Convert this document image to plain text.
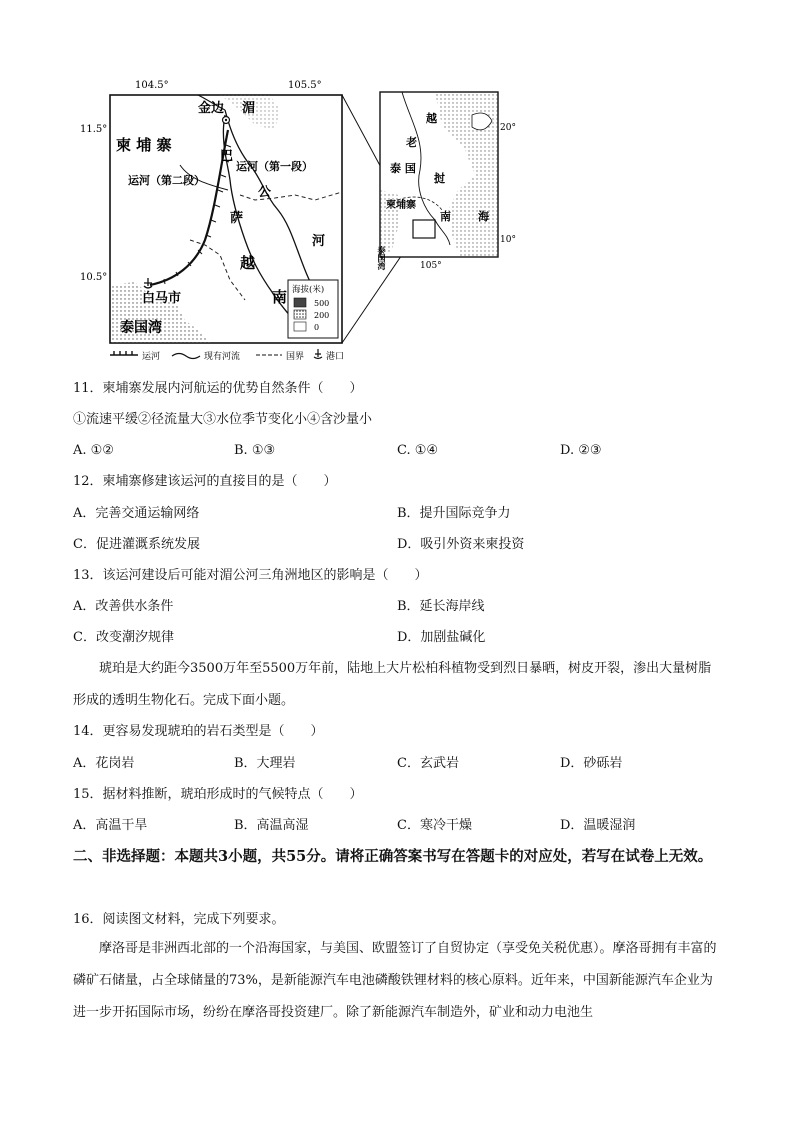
104.5°	105.5°
11.5°
10.5°
金边 湄
柬 埔 寨
巴
运河（第一段）
运河（第二段）
公
萨
河
越
南
白马市
泰国湾
海拔(米)
500
200
0
运河	现有河流	国界 港口
越
老
挝
泰 国
柬埔寨
南 海
泰国湾
20°
10°
105°
11．柬埔寨发展内河航运的优势自然条件（　　）
①流速平缓②径流量大③水位季节变化小④含沙量小
A. ①②	B. ①③	C. ①④	D. ②③
12．柬埔寨修建该运河的直接目的是（　　）
A．完善交通运输网络	B．提升国际竞争力
C．促进灌溉系统发展	D．吸引外资来柬投资
13．该运河建设后可能对湄公河三角洲地区的影响是（　　）
A．改善供水条件	B．延长海岸线
C．改变潮汐规律	D．加剧盐碱化
琥珀是大约距今3500万年至5500万年前，陆地上大片松柏科植物受到烈日暴晒，树皮开裂，渗出大量树脂形成的透明生物化石。完成下面小题。
14．更容易发现琥珀的岩石类型是（　　）
A．花岗岩	B．大理岩	C．玄武岩	D．砂砾岩
15．据材料推断，琥珀形成时的气候特点（　　）
A．高温干旱	B．高温高湿	C．寒冷干燥	D．温暖湿润
二、非选择题：本题共3小题，共55分。请将正确答案书写在答题卡的对应处，若写在试卷上无效。
16．阅读图文材料，完成下列要求。
摩洛哥是非洲西北部的一个沿海国家，与美国、欧盟签订了自贸协定（享受免关税优惠）。摩洛哥拥有丰富的磷矿石储量，占全球储量的73%，是新能源汽车电池磷酸铁锂材料的核心原料。近年来，中国新能源汽车企业为进一步开拓国际市场，纷纷在摩洛哥投资建厂。除了新能源汽车制造外，矿业和动力电池生
